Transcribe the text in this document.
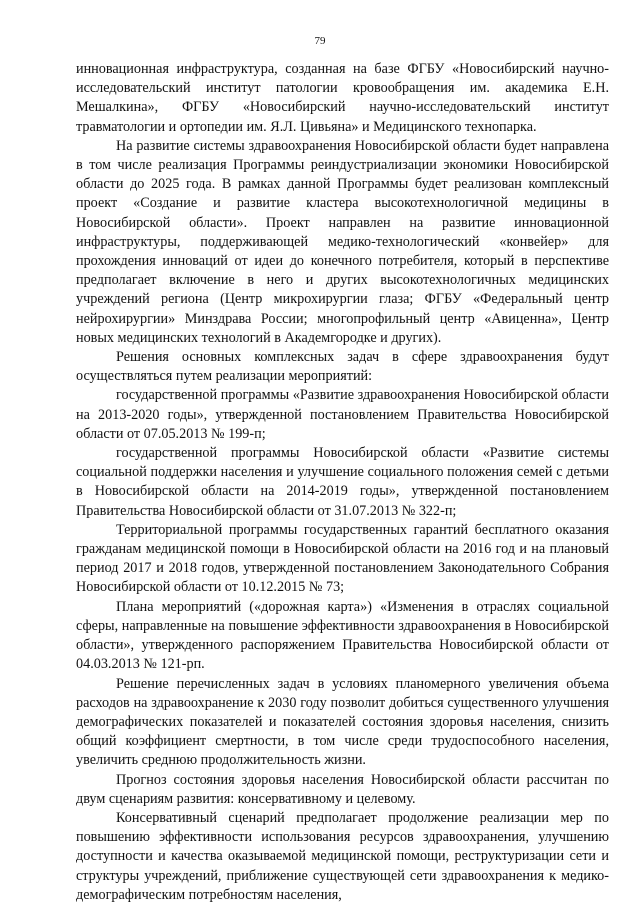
79

инновационная инфраструктура, созданная на базе ФГБУ «Новосибирский научно-исследовательский институт патологии кровообращения им. академика Е.Н. Мешалкина», ФГБУ «Новосибирский научно-исследовательский институт травматологии и ортопедии им. Я.Л. Цивьяна» и Медицинского технопарка.

На развитие системы здравоохранения Новосибирской области будет направлена в том числе реализация Программы реиндустриализации экономики Новосибирской области до 2025 года. В рамках данной Программы будет реализован комплексный проект «Создание и развитие кластера высокотехнологичной медицины в Новосибирской области». Проект направлен на развитие инновационной инфраструктуры, поддерживающей медико-технологический «конвейер» для прохождения инноваций от идеи до конечного потребителя, который в перспективе предполагает включение в него и других высокотехнологичных медицинских учреждений региона (Центр микрохирургии глаза; ФГБУ «Федеральный центр нейрохирургии» Минздрава России; многопрофильный центр «Авиценна», Центр новых медицинских технологий в Академгородке и других).

Решения основных комплексных задач в сфере здравоохранения будут осуществляться путем реализации мероприятий:

государственной программы «Развитие здравоохранения Новосибирской области на 2013-2020 годы», утвержденной постановлением Правительства Новосибирской области от 07.05.2013 № 199-п;

государственной программы Новосибирской области «Развитие системы социальной поддержки населения и улучшение социального положения семей с детьми в Новосибирской области на 2014-2019 годы», утвержденной постановлением Правительства Новосибирской области от 31.07.2013 № 322-п;

Территориальной программы государственных гарантий бесплатного оказания гражданам медицинской помощи в Новосибирской области на 2016 год и на плановый период 2017 и 2018 годов, утвержденной постановлением Законодательного Собрания Новосибирской области от 10.12.2015 № 73;

Плана мероприятий («дорожная карта») «Изменения в отраслях социальной сферы, направленные на повышение эффективности здравоохранения в Новосибирской области», утвержденного распоряжением Правительства Новосибирской области от 04.03.2013 № 121-рп.

Решение перечисленных задач в условиях планомерного увеличения объема расходов на здравоохранение к 2030 году позволит добиться существенного улучшения демографических показателей и показателей состояния здоровья населения, снизить общий коэффициент смертности, в том числе среди трудоспособного населения, увеличить среднюю продолжительность жизни.

Прогноз состояния здоровья населения Новосибирской области рассчитан по двум сценариям развития: консервативному и целевому.

Консервативный сценарий предполагает продолжение реализации мер по повышению эффективности использования ресурсов здравоохранения, улучшению доступности и качества оказываемой медицинской помощи, реструктуризации сети и структуры учреждений, приближение существующей сети здравоохранения к медико-демографическим потребностям населения,
